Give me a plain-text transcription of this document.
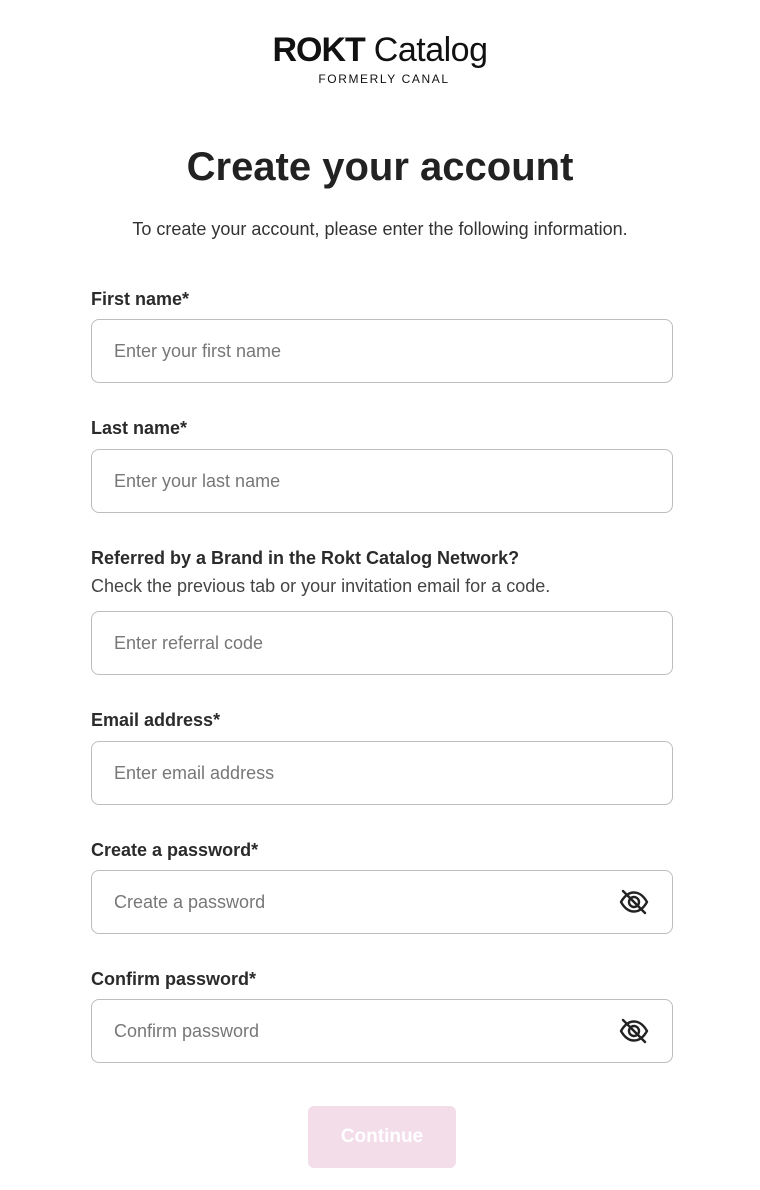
ROKT Catalog
FORMERLY CANAL
Create your account

To create your account, please enter the following information.

First name*
Enter your first name
Last name*
Enter your last name
Referred by a Brand in the Rokt Catalog Network?
Check the previous tab or your invitation email for a code.
Enter referral code
Email address*
Enter email address
Create a password*
Confirm password*
Continue
